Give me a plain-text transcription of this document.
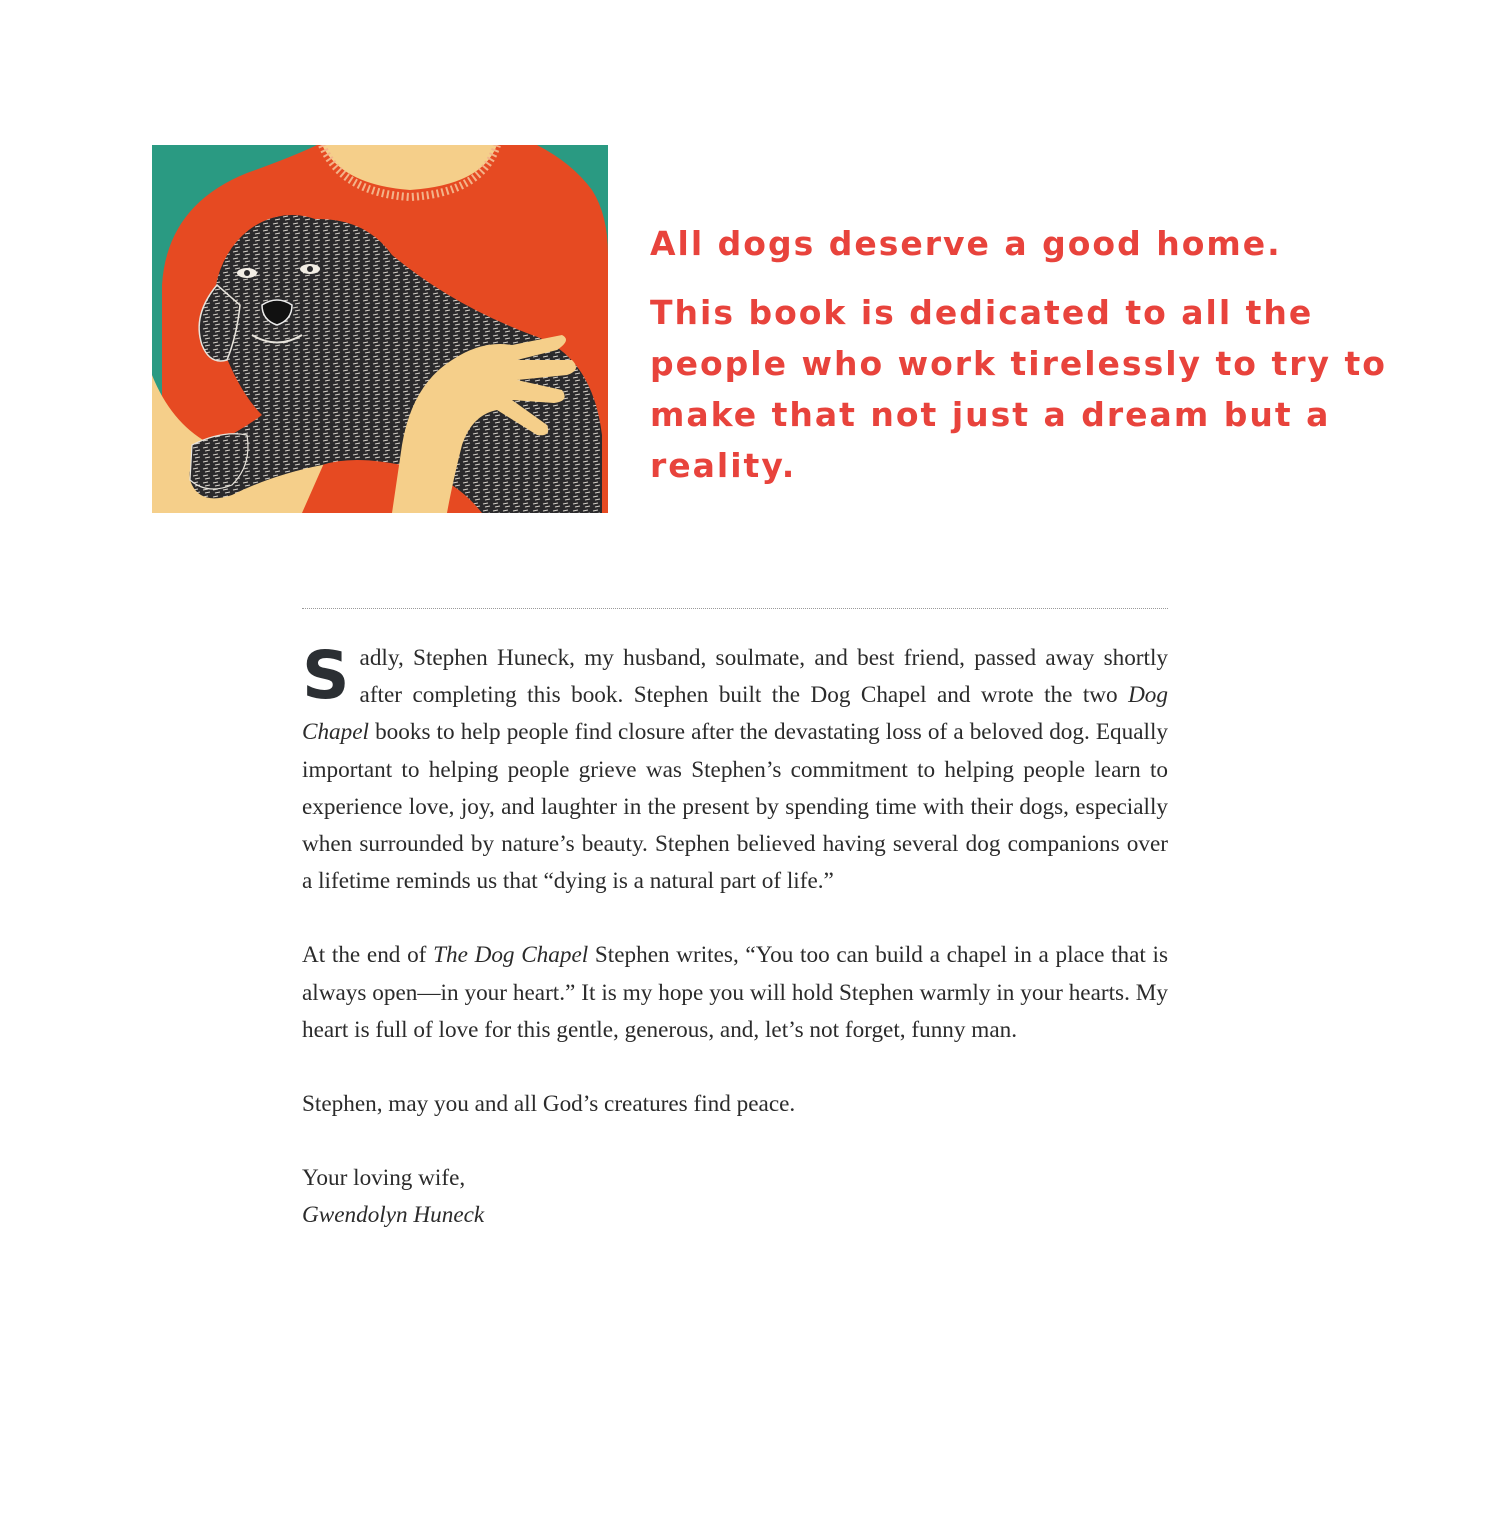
All dogs deserve a good home.

This book is dedicated to all the people who work tirelessly to try to make that not just a dream but a reality.

Sadly, Stephen Huneck, my husband, soulmate, and best friend, passed away shortly after completing this book. Stephen built the Dog Chapel and wrote the two Dog Chapel books to help people find closure after the devastating loss of a beloved dog. Equally important to helping people grieve was Stephen’s commitment to helping people learn to experience love, joy, and laughter in the present by spending time with their dogs, especially when surrounded by nature’s beauty. Stephen believed having several dog companions over a lifetime reminds us that “dying is a natural part of life.”

At the end of The Dog Chapel Stephen writes, “You too can build a chapel in a place that is always open—in your heart.” It is my hope you will hold Stephen warmly in your hearts. My heart is full of love for this gentle, generous, and, let’s not forget, funny man.

Stephen, may you and all God’s creatures find peace.

Your loving wife,

Gwendolyn Huneck
